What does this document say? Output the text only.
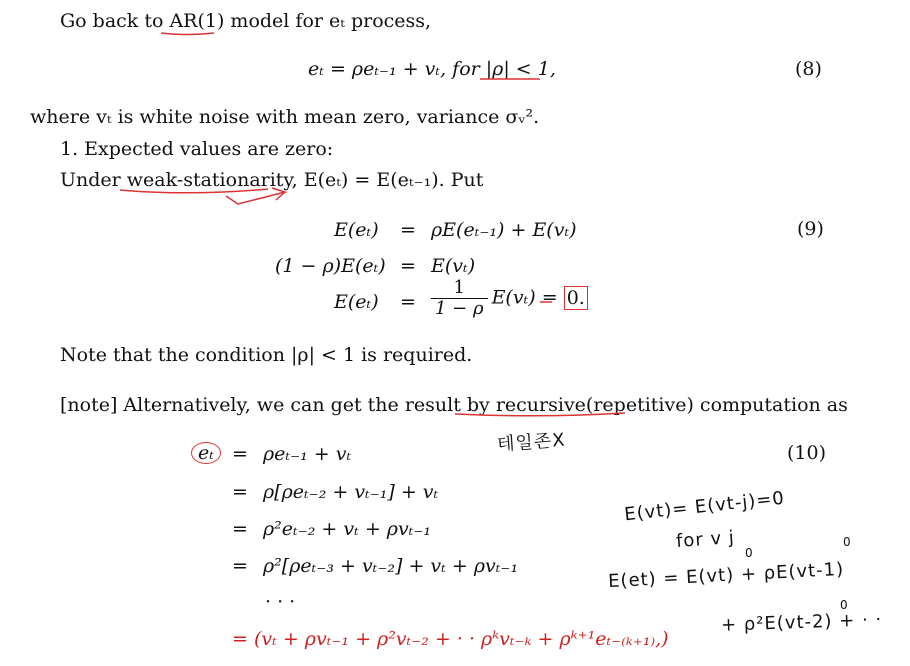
Go back to AR(1) model for eₜ process,
eₜ = ρeₜ₋₁ + vₜ, for |ρ| < 1,	(8)
where vₜ is white noise with mean zero, variance σᵥ².
1. Expected values are zero:
Under weak-stationarity, E(eₜ) = E(eₜ₋₁). Put
E(eₜ) = ρE(eₜ₋₁) + E(vₜ)
(1 − ρ)E(eₜ) = E(vₜ)
$E(e_t) = \frac{1}{1 - \rho} E(v_t) = 0$.
(9)
Note that the condition |ρ| < 1 is required.
[note] Alternatively, we can get the result by recursive(repetitive) computation as
eₜ = ρeₜ₋₁ + vₜ
= ρ[ρeₜ₋₂ + vₜ₋₁] + vₜ
= ρ²eₜ₋₂ + vₜ + ρvₜ₋₁
= ρ²[ρeₜ₋₃ + vₜ₋₂] + vₜ + ρvₜ₋₁
· · ·
= (vₜ + ρvₜ₋₁ + ρ²vₜ₋₂ + · · ρᵏvₜ₋ₖ + ρᵏ⁺¹eₜ₋₍ₖ₊₁₎,)
(10)
테일존X
E(vt)= E(vt-j)=0
for v j
E(et) = E(vt) + ρE(vt-1)
+ ρ²E(vt-2) + · ·
0
0
0
